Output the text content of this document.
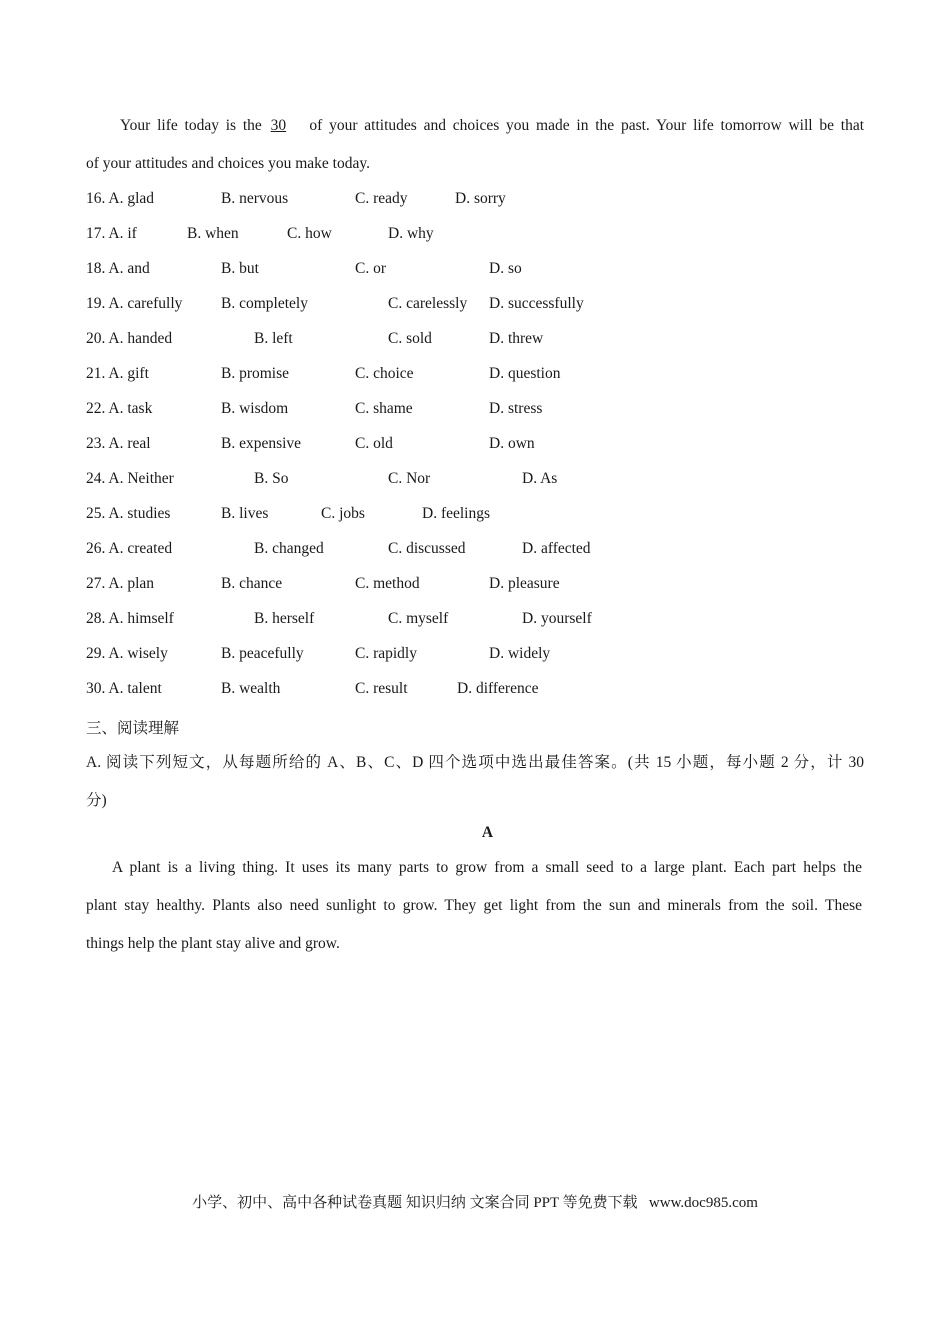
Your life today is the 30 of your attitudes and choices you made in the past. Your life tomorrow will be that
of your attitudes and choices you make today.
16. A. glad	B. nervous	C. ready	D. sorry
17. A. if	B. when	C. how	D. why
18. A. and	B. but	C. or	D. so
19. A. carefully B. completely	C. carelessly D. successfully
20. A. handed	B. left	C. sold	D. threw
21. A. gift	B. promise	C. choice	D. question
22. A. task	B. wisdom	C. shame	D. stress
23. A. real	B. expensive	C. old	D. own
24. A. Neither	B. So	C. Nor	D. As
25. A. studies	B. lives	C. jobs	D. feelings
26. A. created	B. changed	C. discussed	D. affected
27. A. plan	B. chance	C. method	D. pleasure
28. A. himself	B. herself	C. myself	D. yourself
29. A. wisely	B. peacefully	C. rapidly	D. widely
30. A. talent	B. wealth	C. result	D. difference
三、阅读理解
A. 阅读下列短文，从每题所给的 A、B、C、D 四个选项中选出最佳答案。(共 15 小题，每小题 2 分，计 30
分)
A
A plant is a living thing. It uses its many parts to grow from a small seed to a large plant. Each part helps the
plant stay healthy. Plants also need sunlight to grow. They get light from the sun and minerals from the soil. These
things help the plant stay alive and grow.
小学、初中、高中各种试卷真题 知识归纳 文案合同 PPT 等免费下载 www.doc985.com
